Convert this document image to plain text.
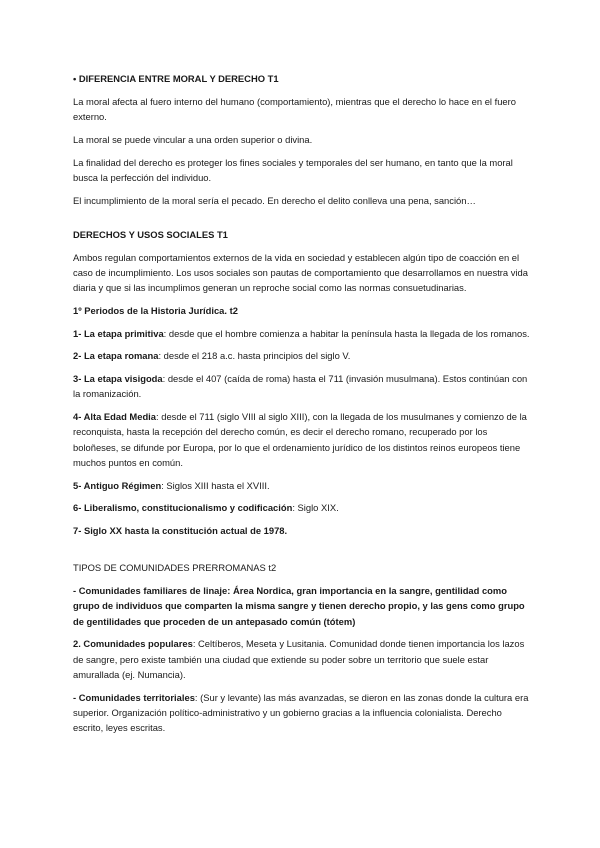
• DIFERENCIA ENTRE MORAL Y DERECHO T1

La moral afecta al fuero interno del humano (comportamiento), mientras que el derecho lo hace en el fuero externo.

La moral se puede vincular a una orden superior o divina.

La finalidad del derecho es proteger los fines sociales y temporales del ser humano, en tanto que la moral busca la perfección del individuo.

El incumplimiento de la moral sería el pecado. En derecho el delito conlleva una pena, sanción…

DERECHOS Y USOS SOCIALES T1

Ambos regulan comportamientos externos de la vida en sociedad y establecen algún tipo de coacción en el caso de incumplimiento. Los usos sociales son pautas de comportamiento que desarrollamos en nuestra vida diaria y que si las incumplimos generan un reproche social como las normas consuetudinarias.

1º Periodos de la Historia Jurídica. t2

1- La etapa primitiva: desde que el hombre comienza a habitar la península hasta la llegada de los romanos.

2- La etapa romana: desde el 218 a.c. hasta principios del siglo V.

3- La etapa visigoda: desde el 407 (caída de roma) hasta el 711 (invasión musulmana). Estos continúan con la romanización.

4- Alta Edad Media: desde el 711 (siglo VIII al siglo XIII), con la llegada de los musulmanes y comienzo de la reconquista, hasta la recepción del derecho común, es decir el derecho romano, recuperado por los boloñeses, se difunde por Europa, por lo que el ordenamiento jurídico de los distintos reinos europeos tiene muchos puntos en común.

5- Antiguo Régimen: Siglos XIII hasta el XVIII.

6- Liberalismo, constitucionalismo y codificación: Siglo XIX.

7- Siglo XX hasta la constitución actual de 1978.

TIPOS DE COMUNIDADES PRERROMANAS t2

- Comunidades familiares de linaje: Área Nordica, gran importancia en la sangre, gentilidad como grupo de individuos que comparten la misma sangre y tienen derecho propio, y las gens como grupo de gentilidades que proceden de un antepasado común (tótem)

2. Comunidades populares: Celtíberos, Meseta y Lusitania. Comunidad donde tienen importancia los lazos de sangre, pero existe también una ciudad que extiende su poder sobre un territorio que suele estar amurallada (ej. Numancia).

- Comunidades territoriales: (Sur y levante) las más avanzadas, se dieron en las zonas donde la cultura era superior. Organización político-administrativo y un gobierno gracias a la influencia colonialista. Derecho escrito, leyes escritas.
